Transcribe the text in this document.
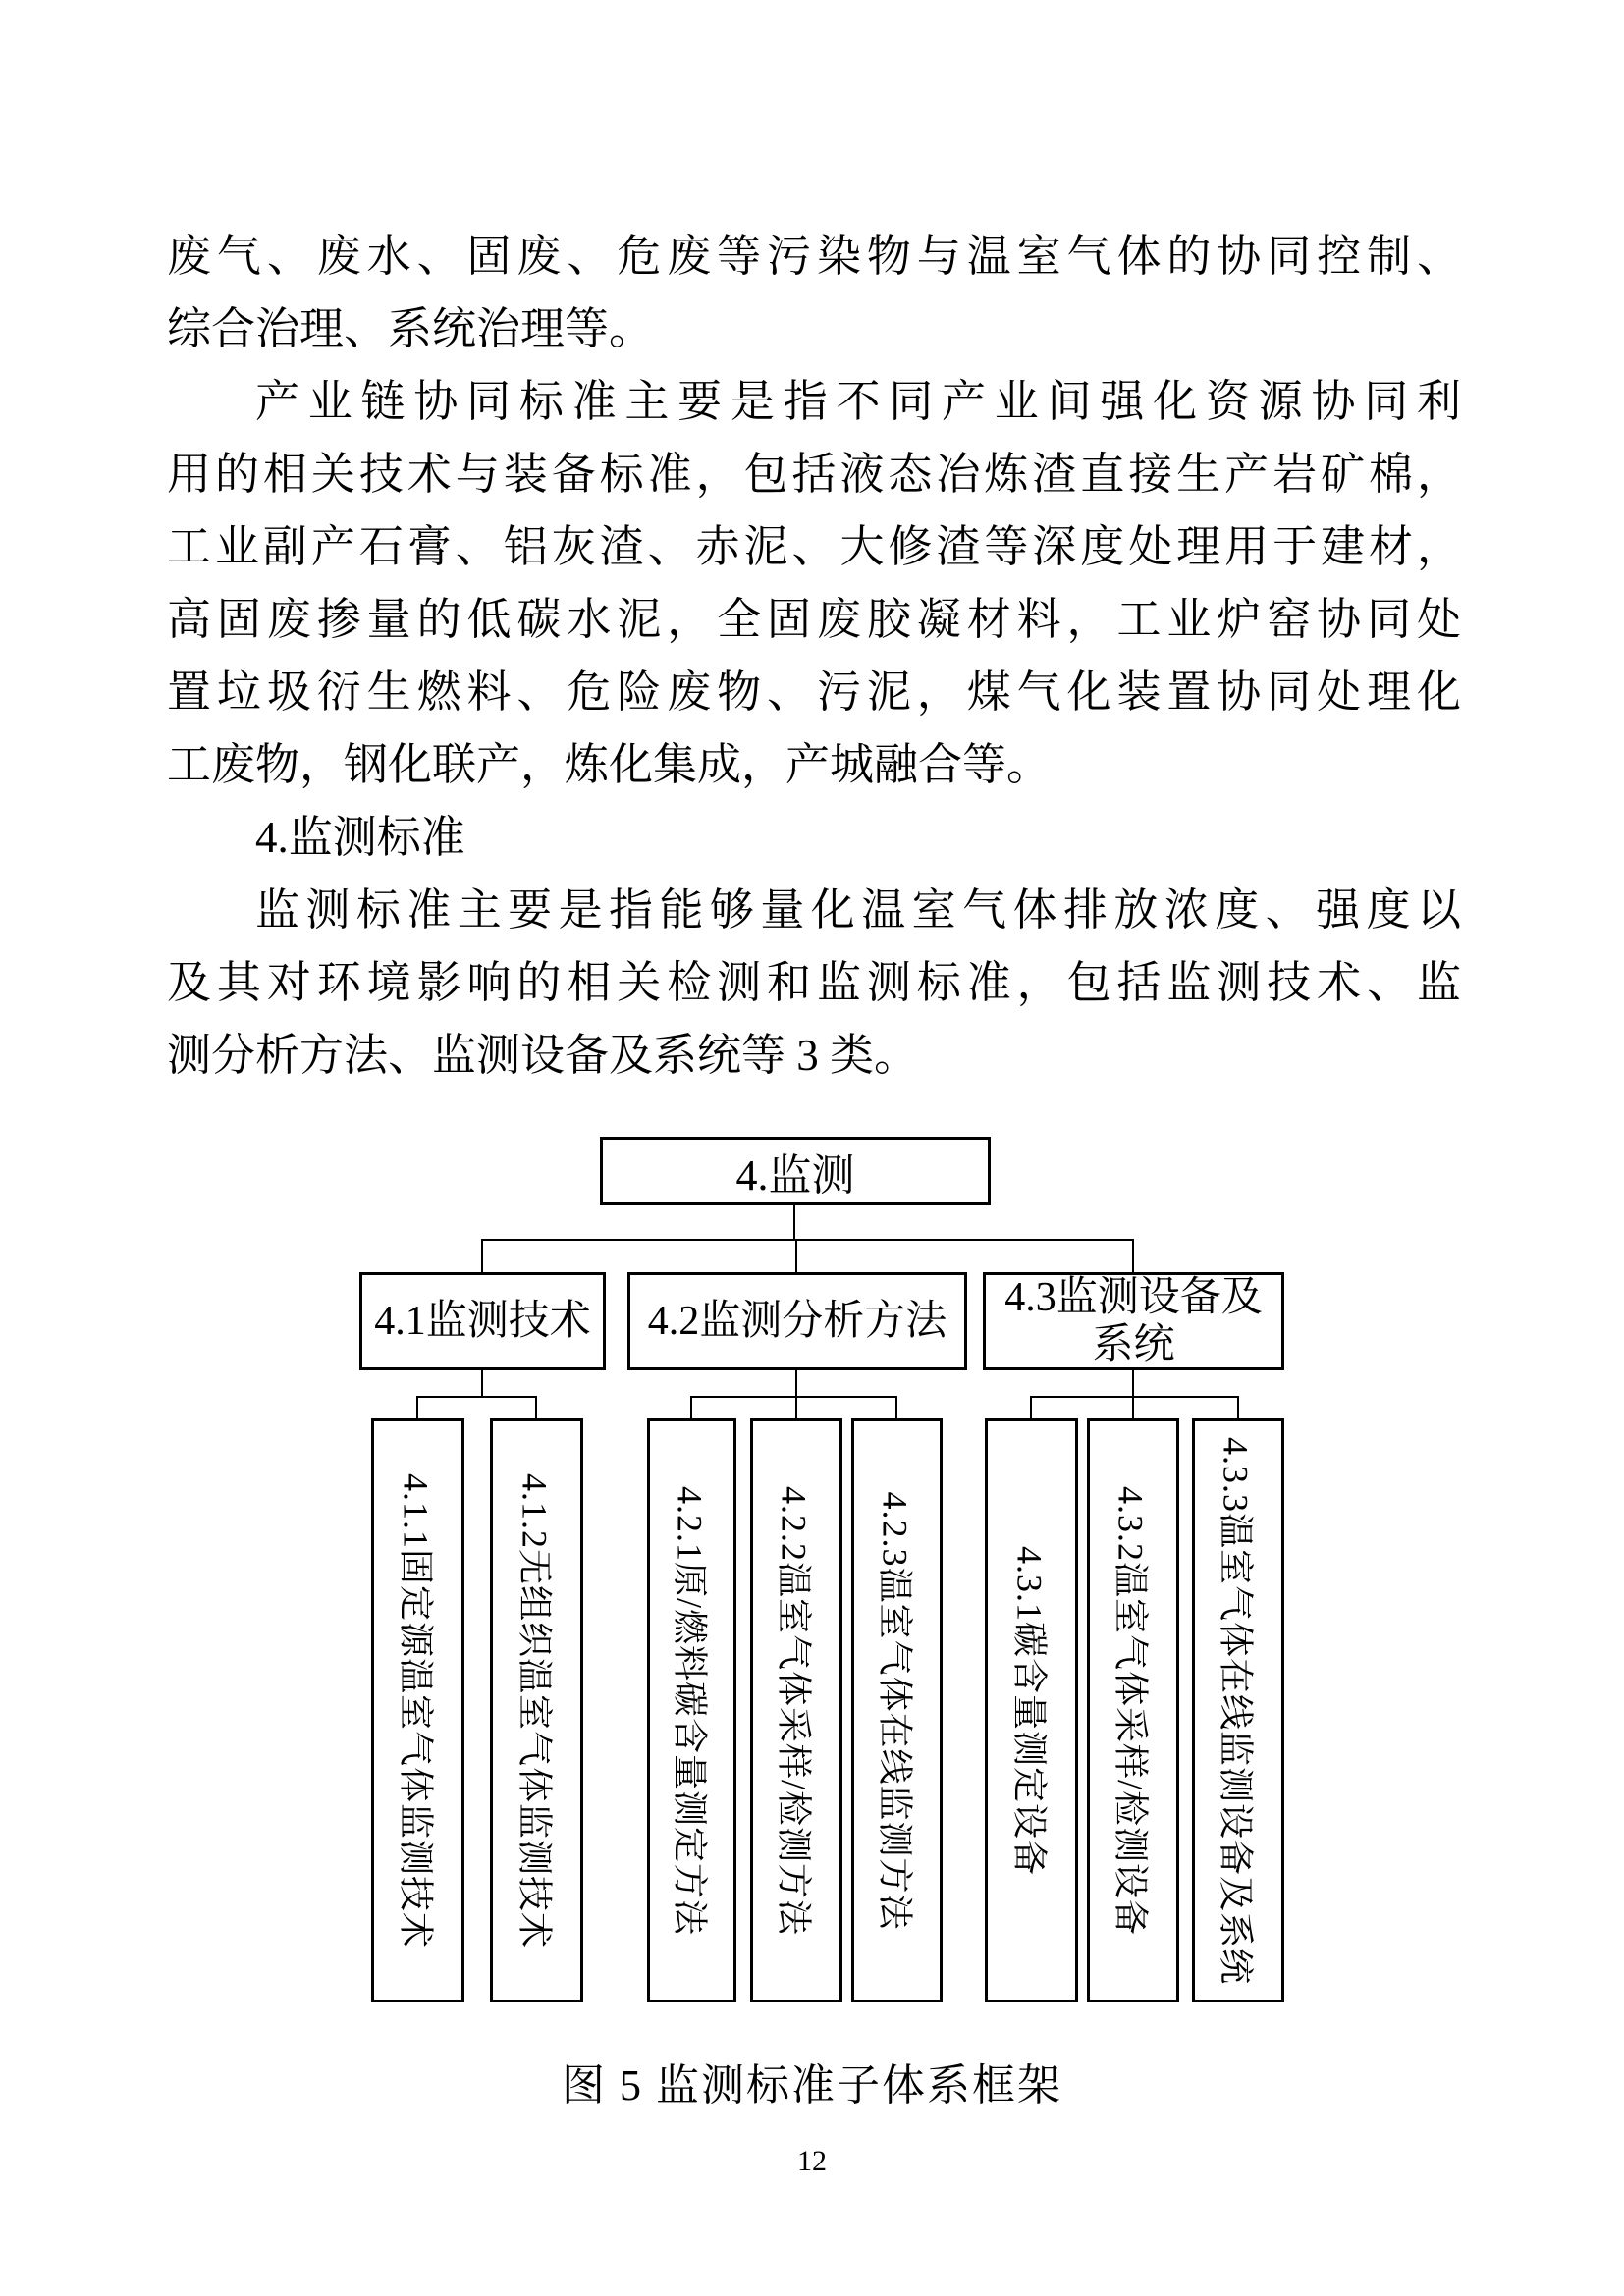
废气、废水、固废、危废等污染物与温室气体的协同控制、
综合治理、系统治理等。
产业链协同标准主要是指不同产业间强化资源协同利
用的相关技术与装备标准，包括液态冶炼渣直接生产岩矿棉，
工业副产石膏、铝灰渣、赤泥、大修渣等深度处理用于建材，
高固废掺量的低碳水泥，全固废胶凝材料，工业炉窑协同处
置垃圾衍生燃料、危险废物、污泥，煤气化装置协同处理化
工废物，钢化联产，炼化集成，产城融合等。
4.监测标准
监测标准主要是指能够量化温室气体排放浓度、强度以
及其对环境影响的相关检测和监测标准，包括监测技术、监
测分析方法、监测设备及系统等 3 类。
4.监测
4.1监测技术 4.2监测分析方法
4.3监测设备及系统
4.1.1固定源温室气体监测技术 4.1.2无组织温室气体监测技术	4.2.1原/燃料碳含量测定方法 4.2.2温室气体采样/检测方法 4.2.3温室气体在线监测方法	4.3.1碳含量测定设备 4.3.2温室气体采样/检测设备 4.3.3温室气体在线监测设备及系统
图 5 监测标准子体系框架
12
